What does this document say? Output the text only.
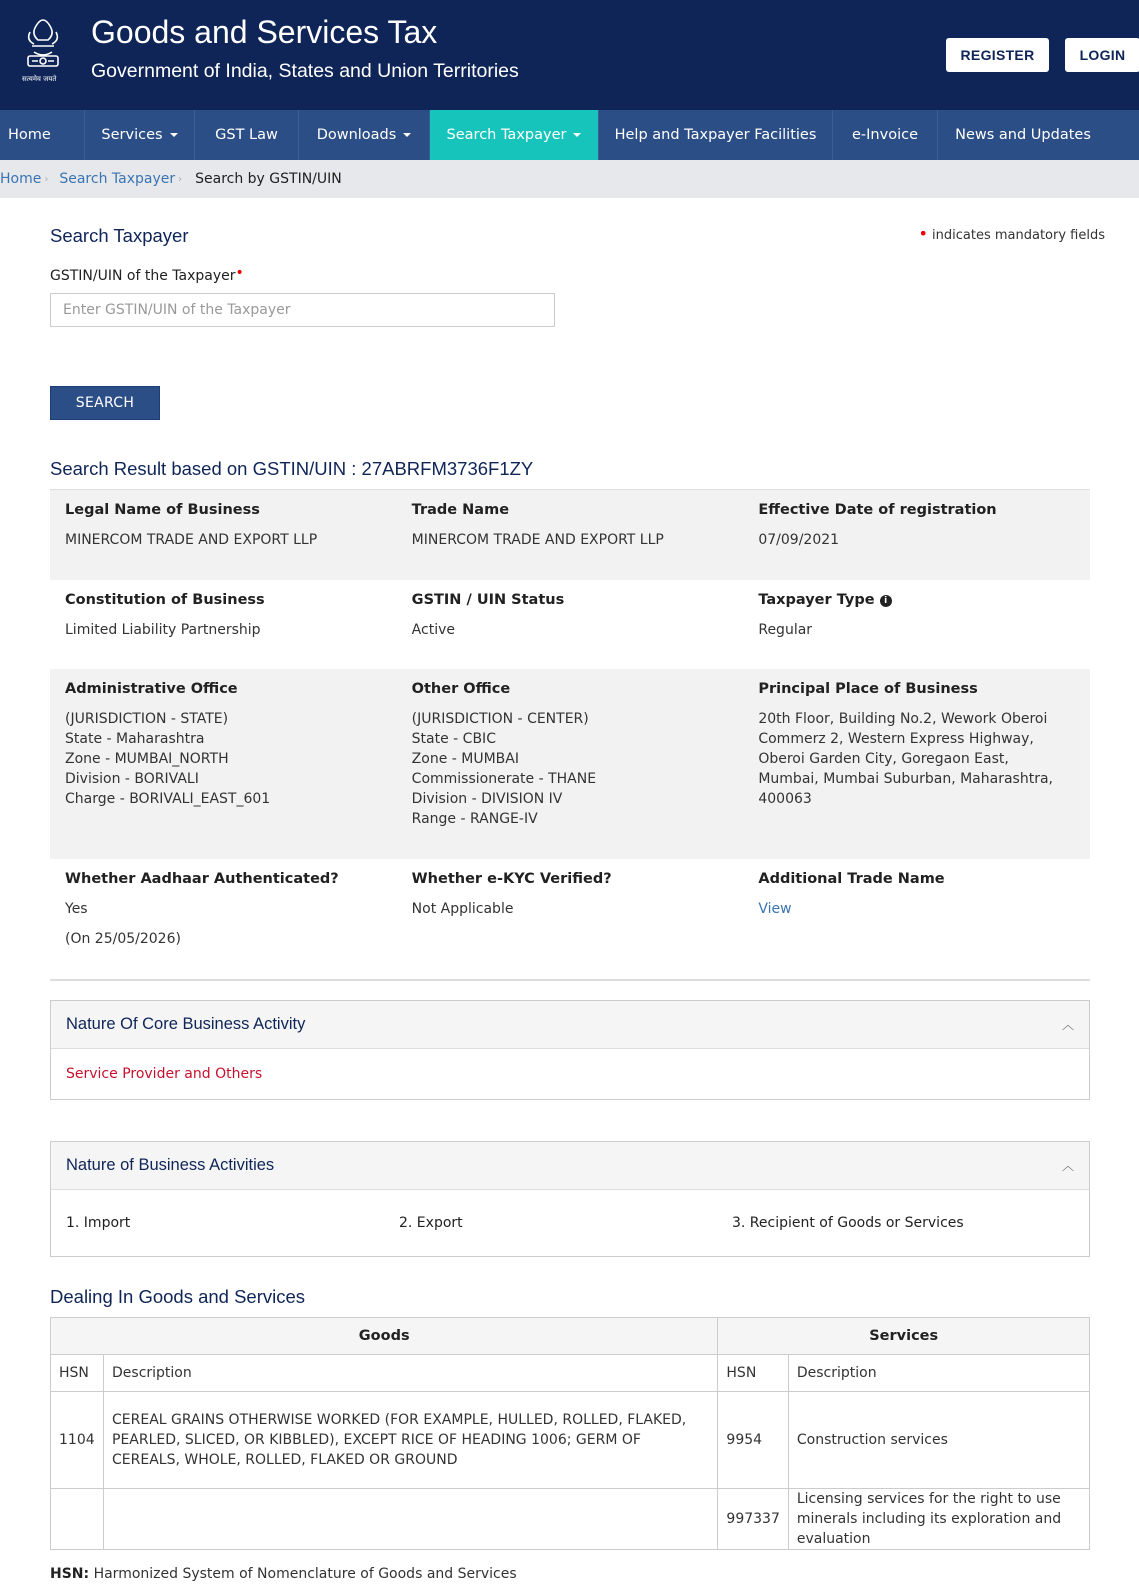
सत्यमेव जयते
Goods and Services Tax
Government of India, States and Union Territories
REGISTER	LOGIN
Home	Services	GST Law	Downloads	Search Taxpayer	Help and Taxpayer Facilities e-Invoice	News and Updates
Home › Search Taxpayer › Search by GSTIN/UIN
Search Taxpayer	• indicates mandatory fields
GSTIN/UIN of the Taxpayer•
Enter GSTIN/UIN of the Taxpayer
SEARCH
Search Result based on GSTIN/UIN : 27ABRFM3736F1ZY
Legal Name of Business
MINERCOM TRADE AND EXPORT LLP
Trade Name
MINERCOM TRADE AND EXPORT LLP
Effective Date of registration
07/09/2021
Constitution of Business
Limited Liability Partnership
GSTIN / UIN Status
Active
Taxpayer Type i
Regular
Administrative Office
(JURISDICTION - STATE)
State - Maharashtra
Zone - MUMBAI_NORTH
Division - BORIVALI
Charge - BORIVALI_EAST_601
Other Office
(JURISDICTION - CENTER)
State - CBIC
Zone - MUMBAI
Commissionerate - THANE
Division - DIVISION IV
Range - RANGE-IV
Principal Place of Business
20th Floor, Building No.2, Wework Oberoi
Commerz 2, Western Express Highway,
Oberoi Garden City, Goregaon East,
Mumbai, Mumbai Suburban, Maharashtra,
400063
Whether Aadhaar Authenticated?
Yes
(On 25/05/2026)
Whether e-KYC Verified?
Not Applicable
Additional Trade Name
View
Nature Of Core Business Activity	︿
Service Provider and Others
Nature of Business Activities	︿
1. Import	2. Export	3. Recipient of Goods or Services
Dealing In Goods and Services
Goods		Services	
HSN	Description	HSN	Description
1104	CEREAL GRAINS OTHERWISE WORKED (FOR EXAMPLE, HULLED, ROLLED, FLAKED, PEARLED, SLICED, OR KIBBLED), EXCEPT RICE OF HEADING 1006; GERM OF CEREALS, WHOLE, ROLLED, FLAKED OR GROUND	9954	Construction services
		997337	Licensing services for the right to use minerals including its exploration and evaluation
HSN: Harmonized System of Nomenclature of Goods and Services
